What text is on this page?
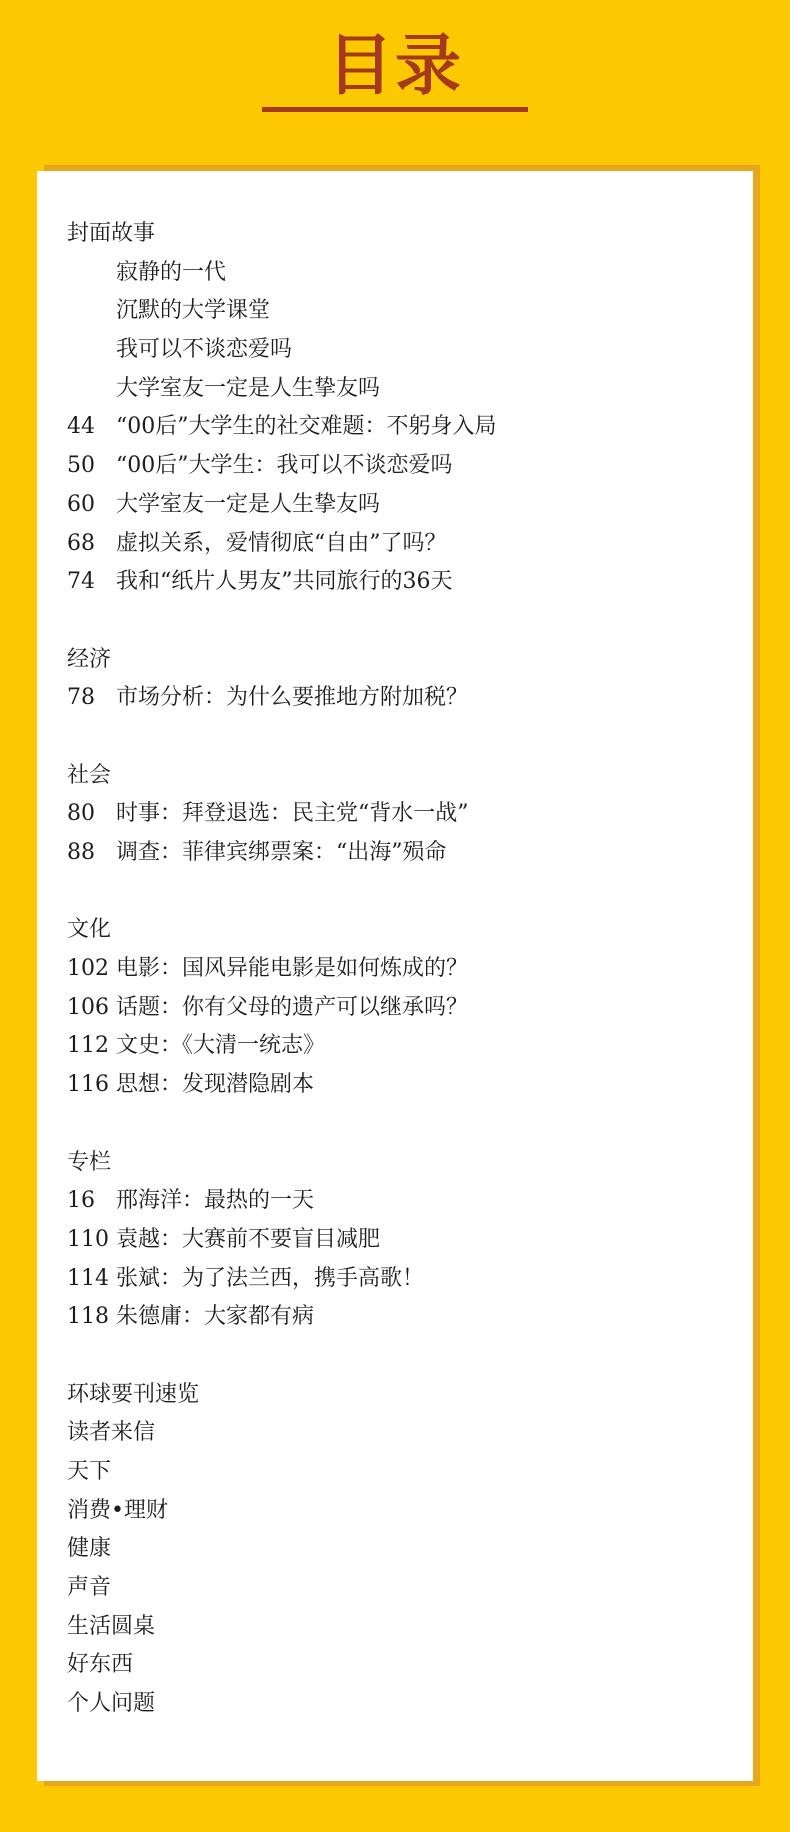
目录
封面故事
寂静的一代
沉默的大学课堂
我可以不谈恋爱吗
大学室友一定是人生挚友吗
44 “00后”大学生的社交难题：不躬身入局
50 “00后”大学生：我可以不谈恋爱吗
60 大学室友一定是人生挚友吗
68 虚拟关系，爱情彻底“自由”了吗？
74 我和“纸片人男友”共同旅行的36天
经济
78 市场分析：为什么要推地方附加税？
社会
80 时事：拜登退选：民主党“背水一战”
88 调查：菲律宾绑票案：“出海”殒命
文化
102 电影：国风异能电影是如何炼成的？
106 话题：你有父母的遗产可以继承吗？
112 文史：《大清一统志》
116 思想：发现潜隐剧本
专栏
16 邢海洋：最热的一天
110 袁越：大赛前不要盲目减肥
114 张斌：为了法兰西，携手高歌！
118 朱德庸：大家都有病
环球要刊速览
读者来信
天下
消费•理财
健康
声音
生活圆桌
好东西
个人问题
